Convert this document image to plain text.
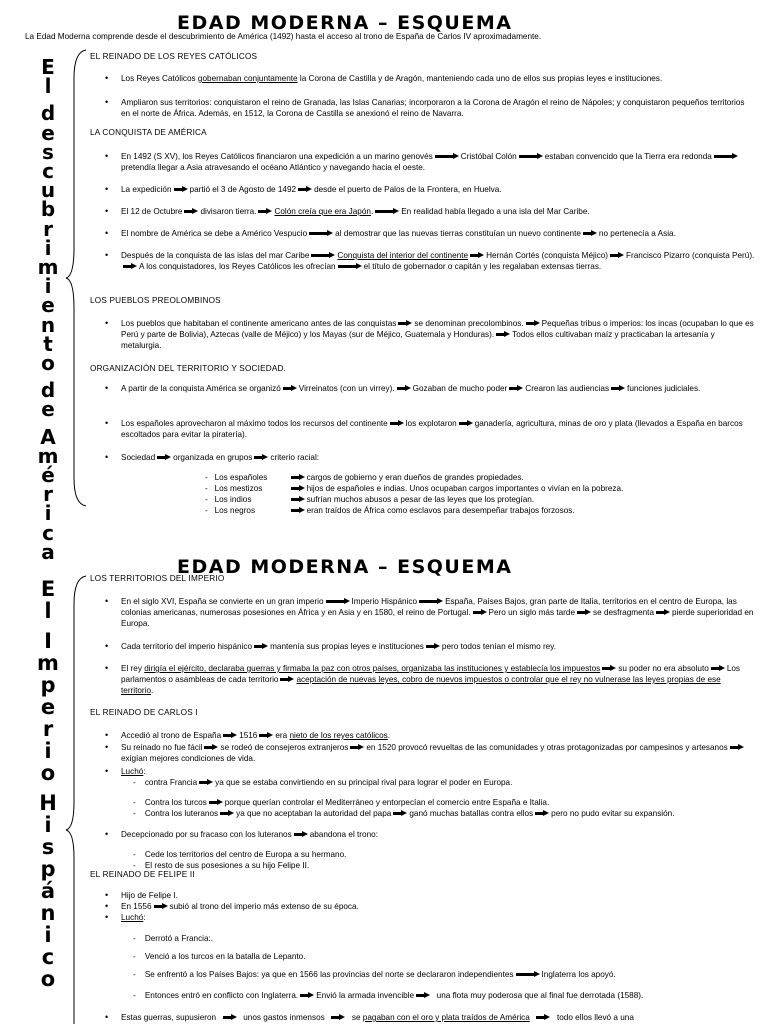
EDAD MODERNA – ESQUEMA
La Edad Moderna comprende desde el descubrimiento de América (1492) hasta el acceso al trono de España de Carlos IV aproximadamente.
E
l

d
e
s
c
u
b
r
i
m
i
e
n
t
o

d
e

A
m
é
r
i
c
a
EL REINADO DE LOS REYES CATÓLICOS
• Los Reyes Católicos gobernaban conjuntamente la Corona de Castilla y de Aragón, manteniendo cada uno de ellos sus propias leyes e instituciones.
• Ampliaron sus territorios: conquistaron el reino de Granada, las Islas Canarias; incorporaron a la Corona de Aragón el reino de Nápoles; y conquistaron pequeños territorios en el norte de África. Además, en 1512, la Corona de Castilla se anexionó el reino de Navarra.
LA CONQUISTA DE AMÉRICA
• En 1492 (S XV), los Reyes Católicos financiaron una expedición a un marino genovés	Cristóbal Colón	estaban convencido que la Tierra era redondapretendía llegar a Asia atravesando el océano Atlántico y navegando hacia el oeste.
• La expedición partió el 3 de Agosto de 1492 desde el puerto de Palos de la Frontera, en Huelva.
• El 12 de Octubre divisaron tierra. Colón creía que era Japón.	En realidad había llegado a una isla del Mar Caribe.
• El nombre de América se debe a Américo Vespucio	al demostrar que las nuevas tierras constituían un nuevo continente no pertenecía a Asia.
• Después de la conquista de las islas del mar Caribe	Conquista del interior del continente Hernán Cortés (conquista Méjico) Francisco Pizarro (conquista Perú).A los conquistadores, los Reyes Católicos les ofrecían	el título de gobernador o capitán y les regalaban extensas tierras.
LOS PUEBLOS PREOLOMBINOS
• Los pueblos que habitaban el continente americano antes de las conquistas se denominan precolombinos. Pequeñas tribus o imperios: los incas (ocupaban lo que es Perú y parte de Bolivia), Aztecas (valle de Méjico) y los Mayas (sur de Méjico, Guatemala y Honduras). Todos ellos cultivaban maíz y practicaban la artesanía y metalurgia.
ORGANIZACIÓN DEL TERRITORIO Y SOCIEDAD.
• A partir de la conquista América se organizó Virreinatos (con un virrey). Gozaban de mucho poder Crearon las audiencias funciones judiciales.
• Los españoles aprovecharon al máximo todos los recursos del continente los explotaron ganadería, agricultura, minas de oro y plata (llevados a España en barcos escoltados para evitar la piratería).
• Sociedad organizada en grupos criterio racial:
-   Los españoles	cargos de gobierno y eran dueños de grandes propiedades.
-   Los mestizos	hijos de españoles e indias. Unos ocupaban cargos importantes o vivían en la pobreza.
-   Los indios	sufrían muchos abusos a pesar de las leyes que los protegían.
-   Los negros	eran traídos de África como esclavos para desempeñar trabajos forzosos.
EDAD MODERNA – ESQUEMA
E
l

I
m
p
e
r
i
o

H
i
s
p
á
n
i
c
o
LOS TERRITORIOS DEL IMPERIO
• En el siglo XVI, España se convierte en un gran imperio	Imperio Hispánico	España, Países Bajos, gran parte de Italia, territorios en el centro de Europa, las colonias americanas, numerosas posesiones en África y en Asia y en 1580, el reino de Portugal. Pero un siglo más tarde se desfragmenta pierde superioridad en Europa.
• Cada territorio del imperio hispánico mantenía sus propias leyes e instituciones pero todos tenían el mismo rey.
• El rey dirigía el ejército, declaraba guerras y firmaba la paz con otros países, organizaba las instituciones y establecía los impuestos su poder no era absoluto Los parlamentos o asambleas de cada territorio aceptación de nuevas leyes, cobro de nuevos impuestos o controlar que el rey no vulnerase las leyes propias de ese territorio.
EL REINADO DE CARLOS I
• Accedió al trono de España 1516 era nieto de los reyes católicos.
• Su reinado no fue fácil se rodeó de consejeros extranjeros en 1520 provocó revueltas de las comunidades y otras protagonizadas por campesinos y artesanosexigían mejores condiciones de vida.
• Luchó:
-    contra Francia ya que se estaba convirtiendo en su principal rival para lograr el poder en Europa.
-    Contra los turcos porque querían controlar el Mediterráneo y entorpecían el comercio entre España e Italia.
-    Contra los luteranos ya que no aceptaban la autoridad del papa ganó muchas batallas contra ellos pero no pudo evitar su expansión.
• Decepcionado por su fracaso con los luteranos abandona el trono:
-    Cede los territorios del centro de Europa a su hermano.
-    El resto de sus posesiones a su hijo Felipe II.
EL REINADO DE FELIPE II
• Hijo de Felipe I.
• En 1556 subió al trono del imperio más extenso de su época.
• Luchó:
-    Derrotó a Francia:.
-    Venció a los turcos en la batalla de Lepanto.
-    Se enfrentó a los Países Bajos: ya que en 1566 las provincias del norte se declararon independientes	Inglaterra los apoyó.
-    Entonces entró en conflicto con Inglaterra. Envió la armada invencible	una flota muy poderosa que al final fue derrotada (1588).
• Estas guerras, supusieron	unos gastos inmensos	se pagaban con el oro y plata traídos de América	todo ellos llevó a una
